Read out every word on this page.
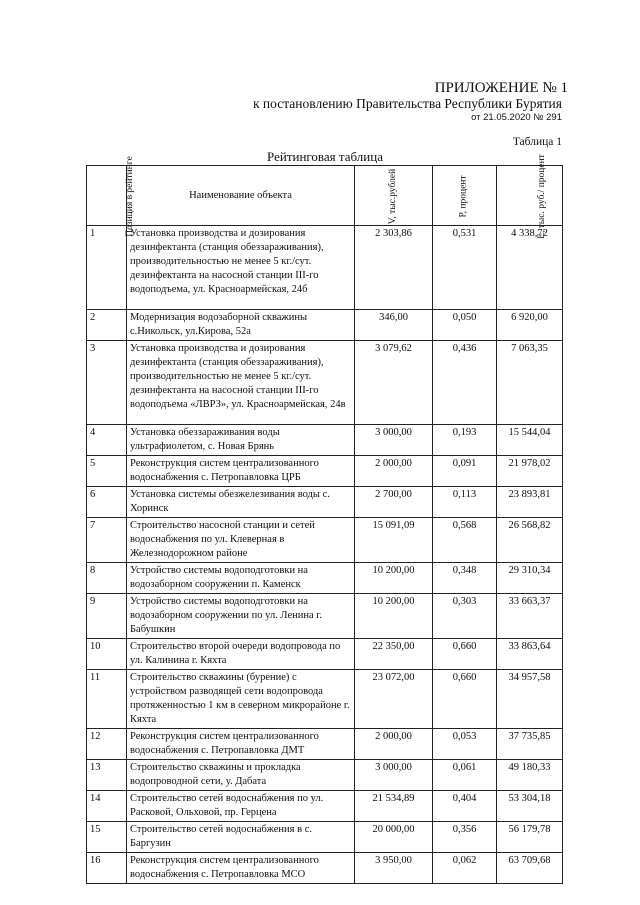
ПРИЛОЖЕНИЕ № 1
к постановлению Правительства Республики Бурятия
от 21.05.2020 № 291
Таблица 1
Рейтинговая таблица
Позиция в рейтинге	Наименование объекта	V, тыс.рублей	P, процент	E, тыс. руб./ процент
1	Установка производства и дозирования дезинфектанта (станция обеззараживания), производительностью не менее 5 кг./сут. дезинфектанта на насосной станции III-го водоподъема, ул. Красноармейская, 24б	2 303,86	0,531	4 338,72
2	Модернизация водозаборной скважины с.Никольск, ул.Кирова, 52а	346,00	0,050	6 920,00
3	Установка производства и дозирования дезинфектанта (станция обеззараживания), производительностью не менее 5 кг./сут. дезинфектанта на насосной станции III-го водоподъема «ЛВРЗ», ул. Красноармейская, 24в	3 079,62	0,436	7 063,35
4	Установка обеззараживания воды ультрафиолетом, с. Новая Брянь	3 000,00	0,193	15 544,04
5	Реконструкция систем централизованного водоснабжения с. Петропавловка ЦРБ	2 000,00	0,091	21 978,02
6	Установка системы обезжелезивания воды с. Хоринск	2 700,00	0,113	23 893,81
7	Строительство насосной станции и сетей водоснабжения по ул. Клеверная в Железнодорожном районе	15 091,09	0,568	26 568,82
8	Устройство системы водоподготовки на водозаборном сооружении п. Каменск	10 200,00	0,348	29 310,34
9	Устройство системы водоподготовки на водозаборном сооружении по ул. Ленина г. Бабушкин	10 200,00	0,303	33 663,37
10	Строительство второй очереди водопровода по ул. Калинина г. Кяхта	22 350,00	0,660	33 863,64
11	Строительство скважины (бурение) с устройством разводящей сети водопровода протяженностью 1 км в северном микрорайоне г. Кяхта	23 072,00	0,660	34 957,58
12	Реконструкция систем централизованного водоснабжения с. Петропавловка ДМТ	2 000,00	0,053	37 735,85
13	Строительство скважины и прокладка водопроводной сети, у. Дабата	3 000,00	0,061	49 180,33
14	Строительство сетей водоснабжения по ул. Расковой, Ольховой, пр. Герцена	21 534,89	0,404	53 304,18
15	Строительство сетей водоснабжения в с. Баргузин	20 000,00	0,356	56 179,78
16	Реконструкция систем централизованного водоснабжения с. Петропавловка МСО	3 950,00	0,062	63 709,68
